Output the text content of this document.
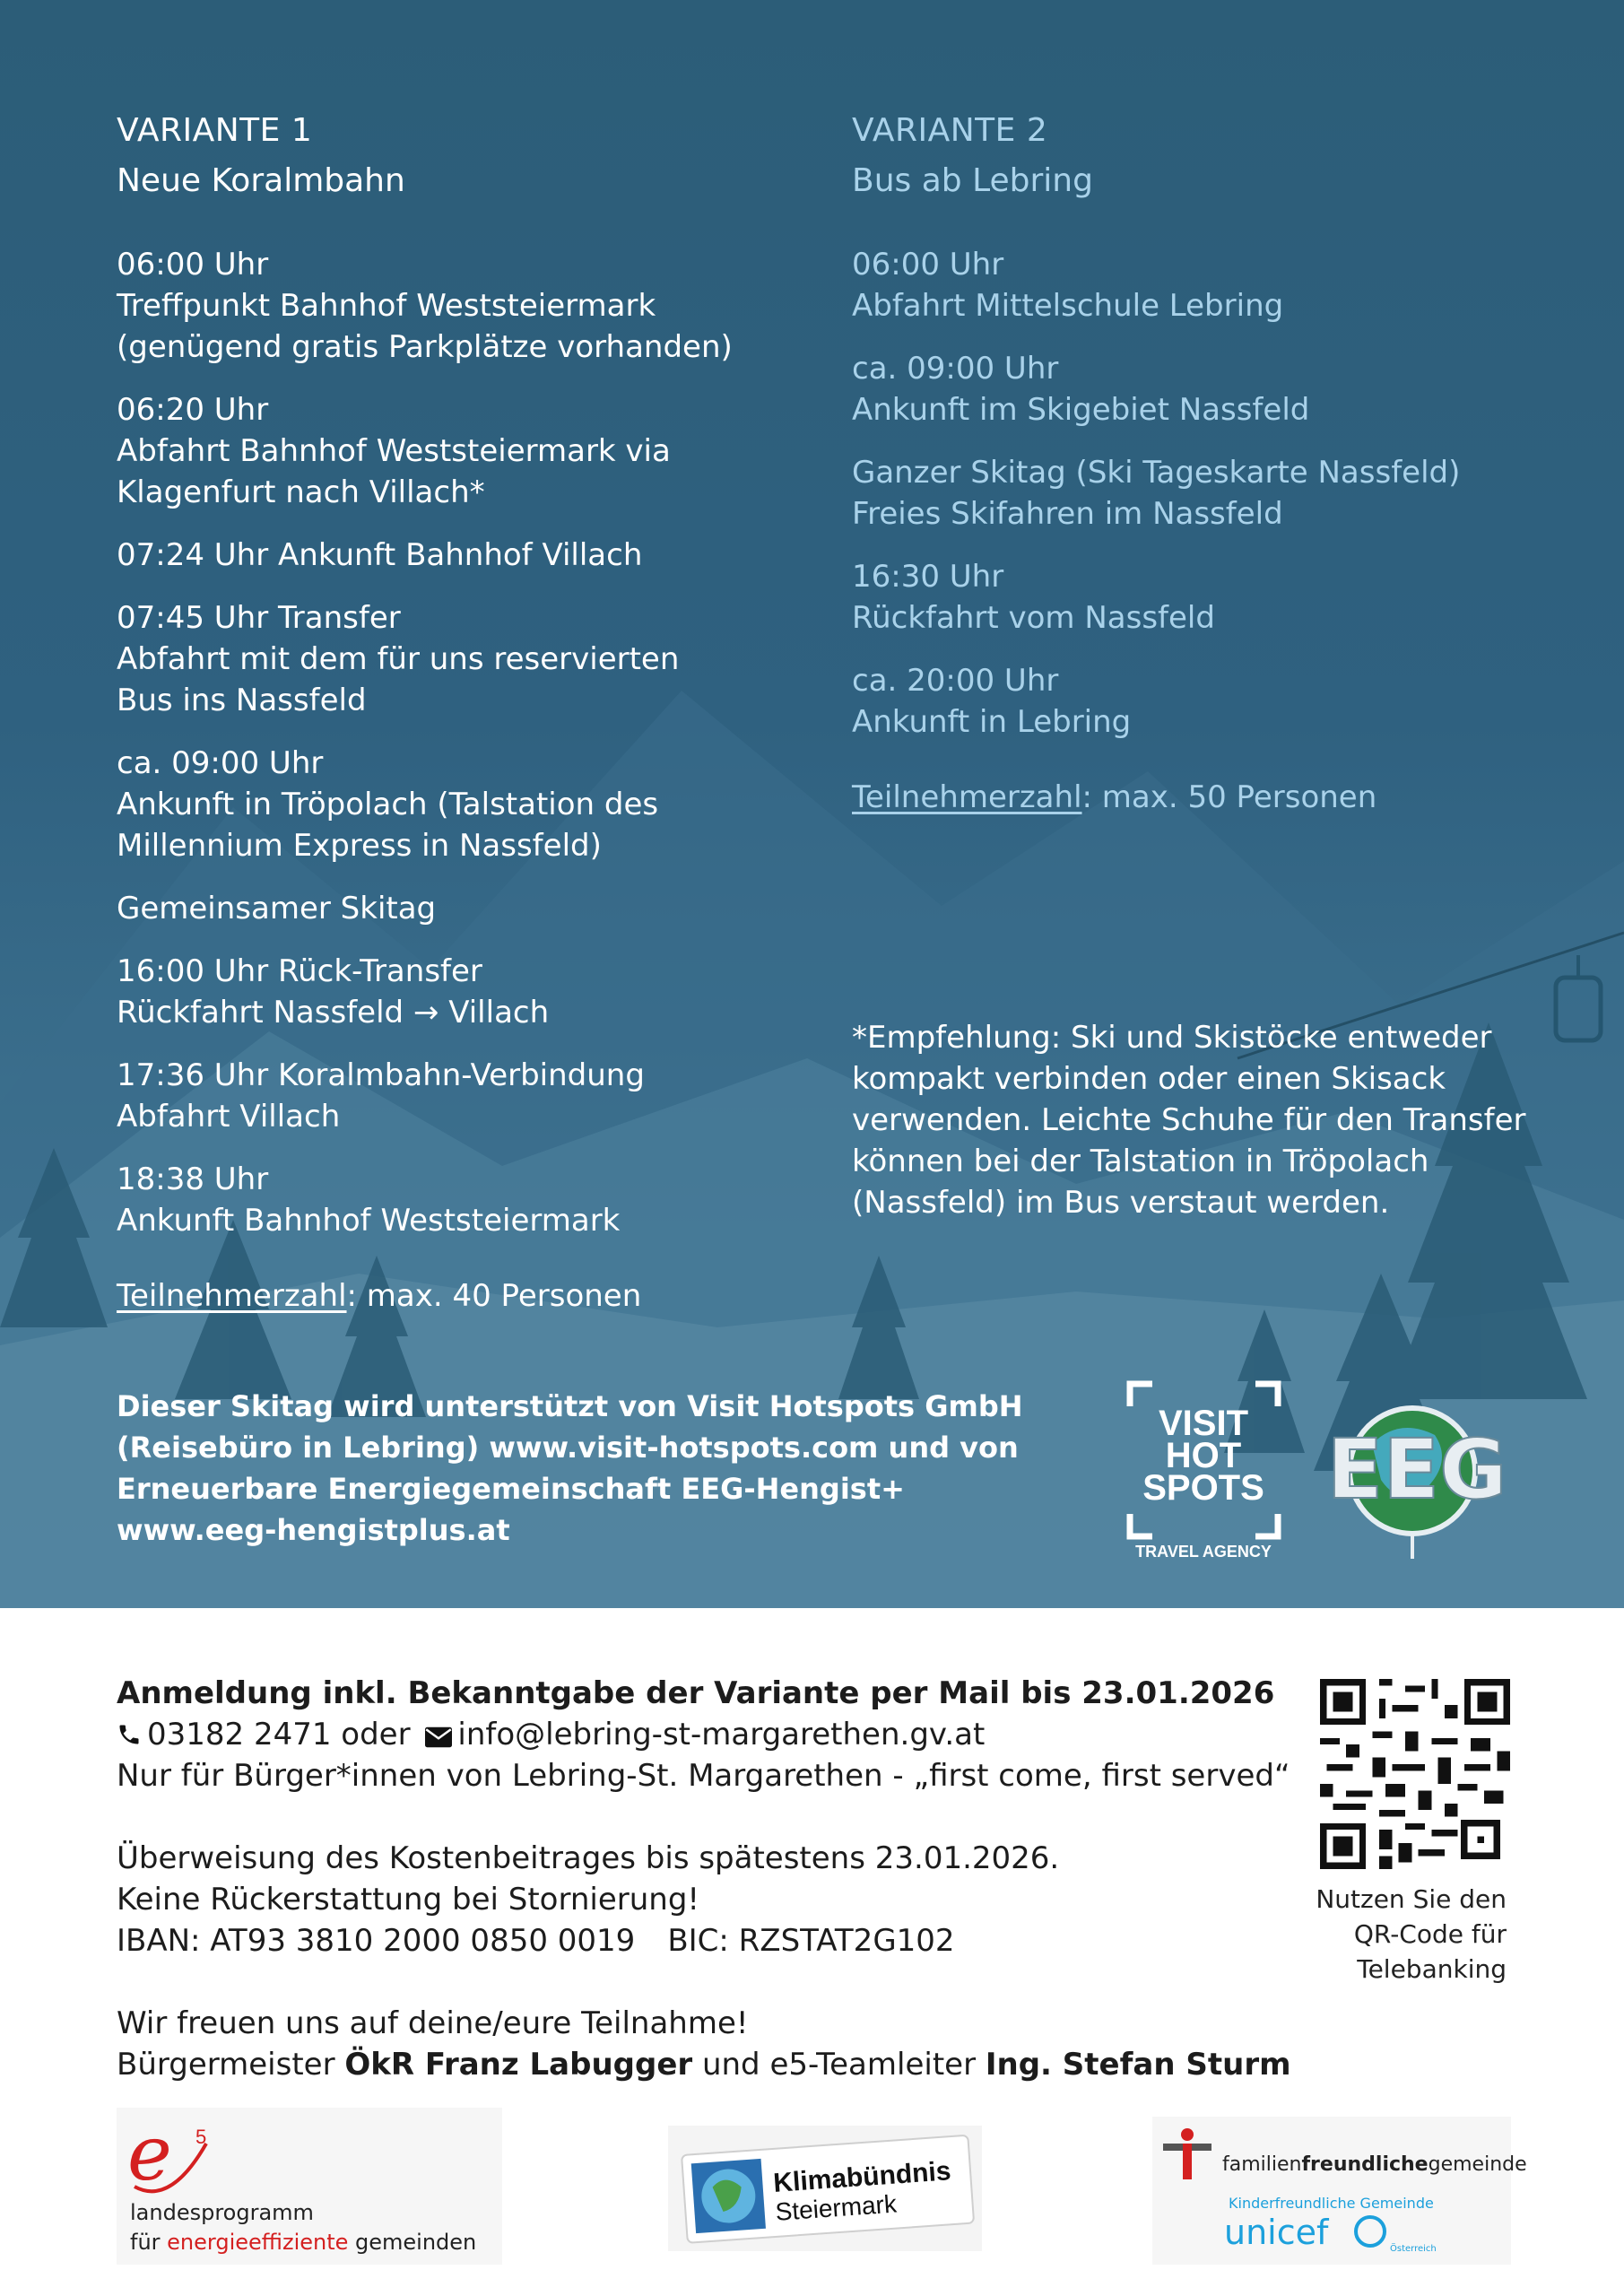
VARIANTE 1
Neue Koralmbahn
06:00 Uhr
Treffpunkt Bahnhof Weststeiermark
(genügend gratis Parkplätze vorhanden)
06:20 Uhr
Abfahrt Bahnhof Weststeiermark via
Klagenfurt nach Villach*
07:24 Uhr Ankunft Bahnhof Villach
07:45 Uhr Transfer
Abfahrt mit dem für uns reservierten
Bus ins Nassfeld
ca. 09:00 Uhr
Ankunft in Tröpolach (Talstation des
Millennium Express in Nassfeld)
Gemeinsamer Skitag
16:00 Uhr Rück-Transfer
Rückfahrt Nassfeld → Villach
17:36 Uhr Koralmbahn-Verbindung
Abfahrt Villach
18:38 Uhr
Ankunft Bahnhof Weststeiermark
Teilnehmerzahl: max. 40 Personen
VARIANTE 2
Bus ab Lebring
06:00 Uhr
Abfahrt Mittelschule Lebring
ca. 09:00 Uhr
Ankunft im Skigebiet Nassfeld
Ganzer Skitag (Ski Tageskarte Nassfeld)
Freies Skifahren im Nassfeld
16:30 Uhr
Rückfahrt vom Nassfeld
ca. 20:00 Uhr
Ankunft in Lebring
Teilnehmerzahl: max. 50 Personen
*Empfehlung: Ski und Skistöcke entweder
kompakt verbinden oder einen Skisack
verwenden. Leichte Schuhe für den Transfer
können bei der Talstation in Tröpolach
(Nassfeld) im Bus verstaut werden.
Dieser Skitag wird unterstützt von Visit Hotspots GmbH
(Reisebüro in Lebring) www.visit-hotspots.com und von
Erneuerbare Energiegemeinschaft EEG-Hengist+
www.eeg-hengistplus.at
VISIT
HOT
SPOTS
TRAVEL AGENCY
EEG
Anmeldung inkl. Bekanntgabe der Variante per Mail bis 23.01.2026
03182 2471 oder info@lebring-st-margarethen.gv.at
Nur für Bürger*innen von Lebring-St. Margarethen - „first come, first served“
Überweisung des Kostenbeitrages bis spätestens 23.01.2026.
Keine Rückerstattung bei Stornierung!
IBAN: AT93 3810 2000 0850 0019 BIC: RZSTAT2G102
Wir freuen uns auf deine/eure Teilnahme!
Bürgermeister ÖkR Franz Labugger und e5-Teamleiter Ing. Stefan Sturm
Nutzen Sie den
QR-Code für
Telebanking
e 5
landesprogramm
für energieeffiziente gemeinden
Klimabündnis
Steiermark
familienfreundlichegemeinde
Kinderfreundliche Gemeinde
unicef	Österreich
